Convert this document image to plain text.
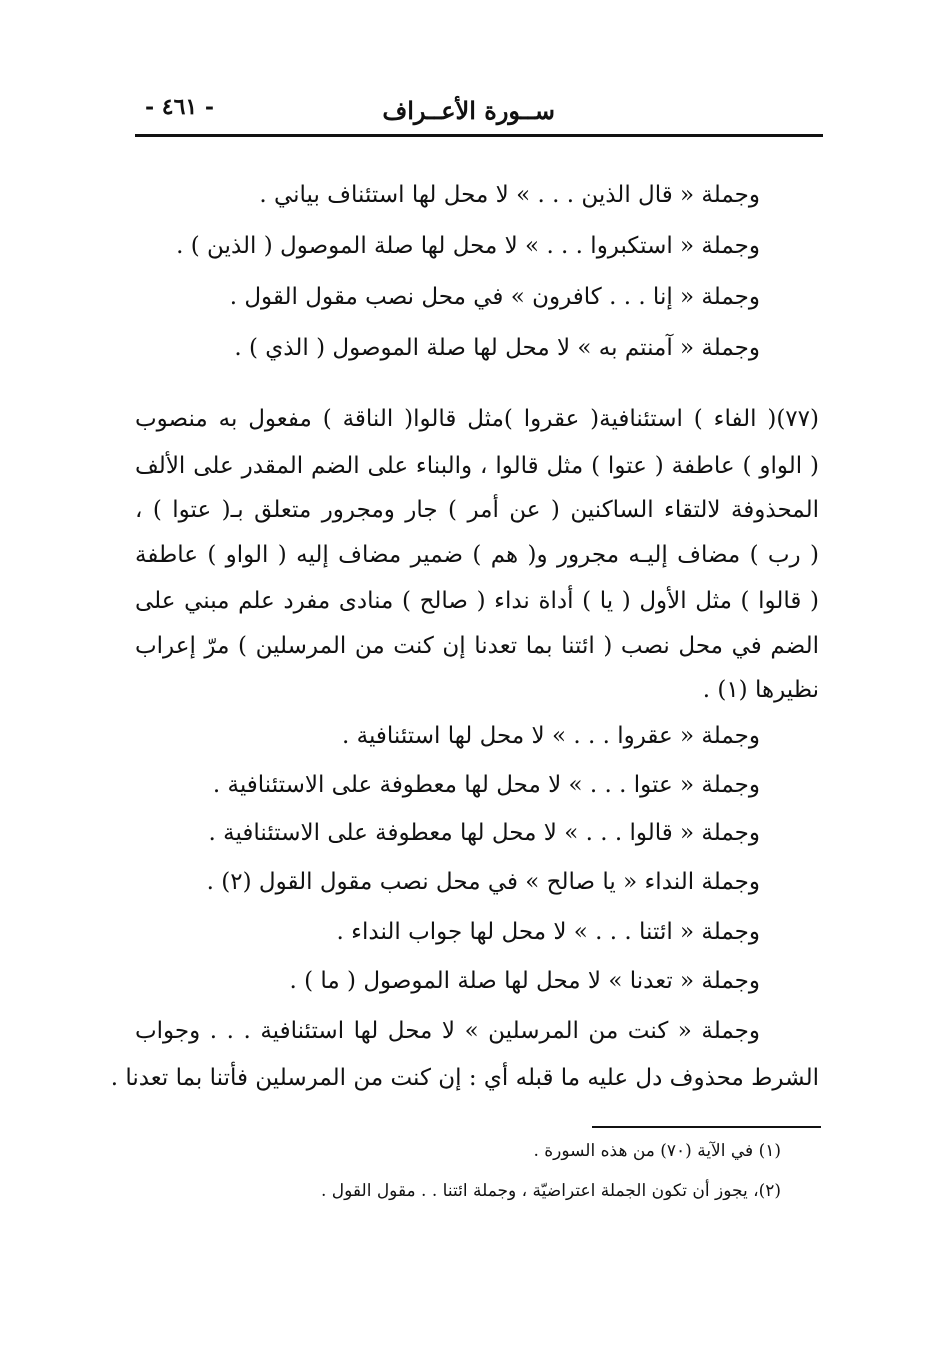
ســورة الأعــراف
- ٤٦١ -
وجملة « قال الذين . . . » لا محل لها استئناف بياني .
وجملة « استكبروا . . . » لا محل لها صلة الموصول ( الذين ) .
وجملة « إنا . . . كافرون » في محل نصب مقول القول .
وجملة « آمنتم به » لا محل لها صلة الموصول ( الذي ) .
(٧٧)( الفاء ) استئنافية( عقروا )مثل قالوا( الناقة ) مفعول به منصوب
( الواو ) عاطفة ( عتوا ) مثل قالوا ، والبناء على الضم المقدر على الألف
المحذوفة لالتقاء الساكنين ( عن أمر ) جار ومجرور متعلق بـ( عتوا ) ،
( رب ) مضاف إليـه مجرور و( هم ) ضمير مضاف إليه ( الواو ) عاطفة
( قالوا ) مثل الأول ( يا ) أداة نداء ( صالح ) منادى مفرد علم مبني على
الضم في محل نصب ( ائتنا بما تعدنا إن كنت من المرسلين ) مرّ إعراب
نظيرها (١) .
وجملة « عقروا . . . » لا محل لها استئنافية .
وجملة « عتوا . . . » لا محل لها معطوفة على الاستئنافية .
وجملة « قالوا . . . » لا محل لها معطوفة على الاستئنافية .
وجملة النداء « يا صالح » في محل نصب مقول القول (٢) .
وجملة « ائتنا . . . » لا محل لها جواب النداء .
وجملة « تعدنا » لا محل لها صلة الموصول ( ما ) .
وجملة « كنت من المرسلين » لا محل لها استئنافية . . . وجواب
الشرط محذوف دل عليه ما قبله أي : إن كنت من المرسلين فأتنا بما تعدنا .
(١) في الآية (٧٠) من هذه السورة .
(٢)، يجوز أن تكون الجملة اعتراضيّة ، وجملة ائتنا . . مقول القول .
